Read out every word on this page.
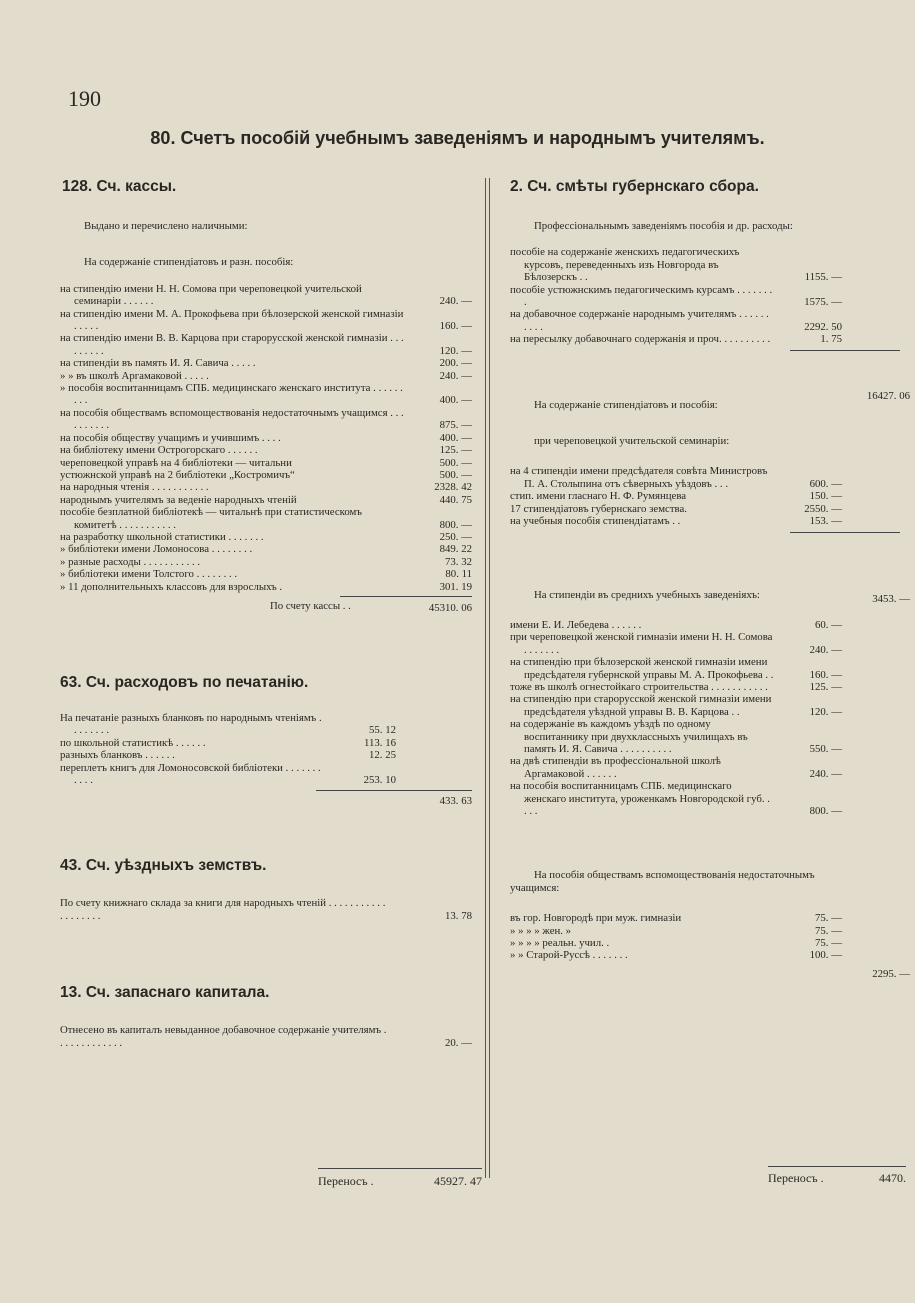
190
80. Счетъ пособій учебнымъ заведеніямъ и народнымъ учителямъ.
128. Сч. кассы.

Выдано и перечислено наличными:

На содержаніе стипендіатовъ и разн. пособія:

на стипендію имени Н. Н. Сомова при череповецкой учительской семинаріи . . . . . .	240. —
на стипендію имени М. А. Прокофьева при бѣлозерской женской гимназіи . . . . .	160. —
на стипендію имени В. В. Карцова при старорусской женской гимназіи . . . . . . . . .	120. —
на стипендіи въ память И. Я. Савича . . . . .	200. —
» » въ школѣ Аргамаковой . . . . .	240. —
» пособія воспитанницамъ СПБ. медицинскаго женскаго института . . . . . . . . .	400. —
на пособія обществамъ вспомоществованія недостаточнымъ учащимся . . . . . . . . . .	875. —
на пособія обществу учащимъ и учившимъ . . . .	400. —
на библіотеку имени Острогорскаго . . . . . .	125. —
череповецкой управѣ на 4 библіотеки — читальни	500. —
устюжнской управѣ на 2 библіотеки „Костромичъ“	500. —
на народныя чтенія . . . . . . . . . . .	2328. 42
народнымъ учителямъ за веденіе народныхъ чтеній	440. 75
пособіе безплатной библіотекѣ — читальнѣ при статистическомъ комитетѣ . . . . . . . . . . .	800. —
на разработку школьной статистики . . . . . . .	250. —
» библіотеки имени Ломоносова . . . . . . . .	849. 22
» разные расходы . . . . . . . . . . .	73. 32
» библіотеки имени Толстого . . . . . . . .	80. 11
» 11 дополнительныхъ классовъ для взрослыхъ .	301. 19
По счету кассы . .	45310. 06
63. Сч. расходовъ по печатанію.
На печатаніе разныхъ бланковъ по народнымъ чтеніямъ . . . . . . . .	55. 12
по школьной статистикѣ . . . . . .	113. 16
разныхъ бланковъ . . . . . .	12. 25
переплетъ книгъ для Ломоносовской библіотеки . . . . . . . . . . .	253. 10
433. 63
43. Сч. уѣздныхъ земствъ.
По счету книжнаго склада за книги для народныхъ чтеній . . . . . . . . . . . . . . . . . . .	13. 78
13. Сч. запаснаго капитала.
Отнесено въ капиталъ невыданное добавочное содержаніе учителямъ . . . . . . . . . . . . .	20. —
Переносъ .	45927. 47
2. Сч. смѣты губернскаго сбора.

Профессіональнымъ заведеніямъ пособія и др. расходы:

пособіе на содержаніе женскихъ педагогическихъ курсовъ, переведенныхъ изъ Новгорода въ Бѣлозерскъ . .	1155. —
пособіе устюжнскимъ педагогическимъ курсамъ . . . . . . . .	1575. —
на добавочное содержаніе народнымъ учителямъ . . . . . . . . . .	2292. 50
на пересылку добавочнаго содержанія и проч. . . . . . . . . .	1. 75
16427. 06

На содержаніе стипендіатовъ и пособія:

при череповецкой учительской семинаріи:

на 4 стипендіи имени предсѣдателя совѣта Министровъ П. А. Столыпина отъ сѣверныхъ уѣздовъ . . .	600. —
стип. имени гласнаго Н. Ф. Румянцева	150. —
17 стипендіатовъ губернскаго земства.	2550. —
на учебныя пособія стипендіатамъ . .	153. —
3453. —

На стипендіи въ среднихъ учебныхъ заведеніяхъ:

имени Е. И. Лебедева . . . . . .	60. —
при череповецкой женской гимназіи имени Н. Н. Сомова . . . . . . .	240. —
на стипендію при бѣлозерской женской гимназіи имени предсѣдателя губернской управы М. А. Прокофьева . .	160. —
тоже въ школѣ огнестойкаго строительства . . . . . . . . . . .	125. —
на стипендію при старорусской женской гимназіи имени предсѣдателя уѣздной управы В. В. Карцова . .	120. —
на содержаніе въ каждомъ уѣздѣ по одному воспитаннику при двухклассныхъ училищахъ въ память И. Я. Савича . . . . . . . . . .	550. —
на двѣ стипендіи въ профессіональной школѣ Аргамаковой . . . . . .	240. —
на пособія воспитанницамъ СПБ. медицинскаго женскаго института, уроженкамъ Новгородской губ. . . . .	800. —
2295. —

На пособія обществамъ вспомоществованія недостаточнымъ учащимся:

въ гор. Новгородѣ при муж. гимназіи	75. —
» » » » жен. »	75. —
» » » » реальн. учил. .	75. —
» » Старой-Руссѣ . . . . . . .	100. —
Переносъ .	4470.
